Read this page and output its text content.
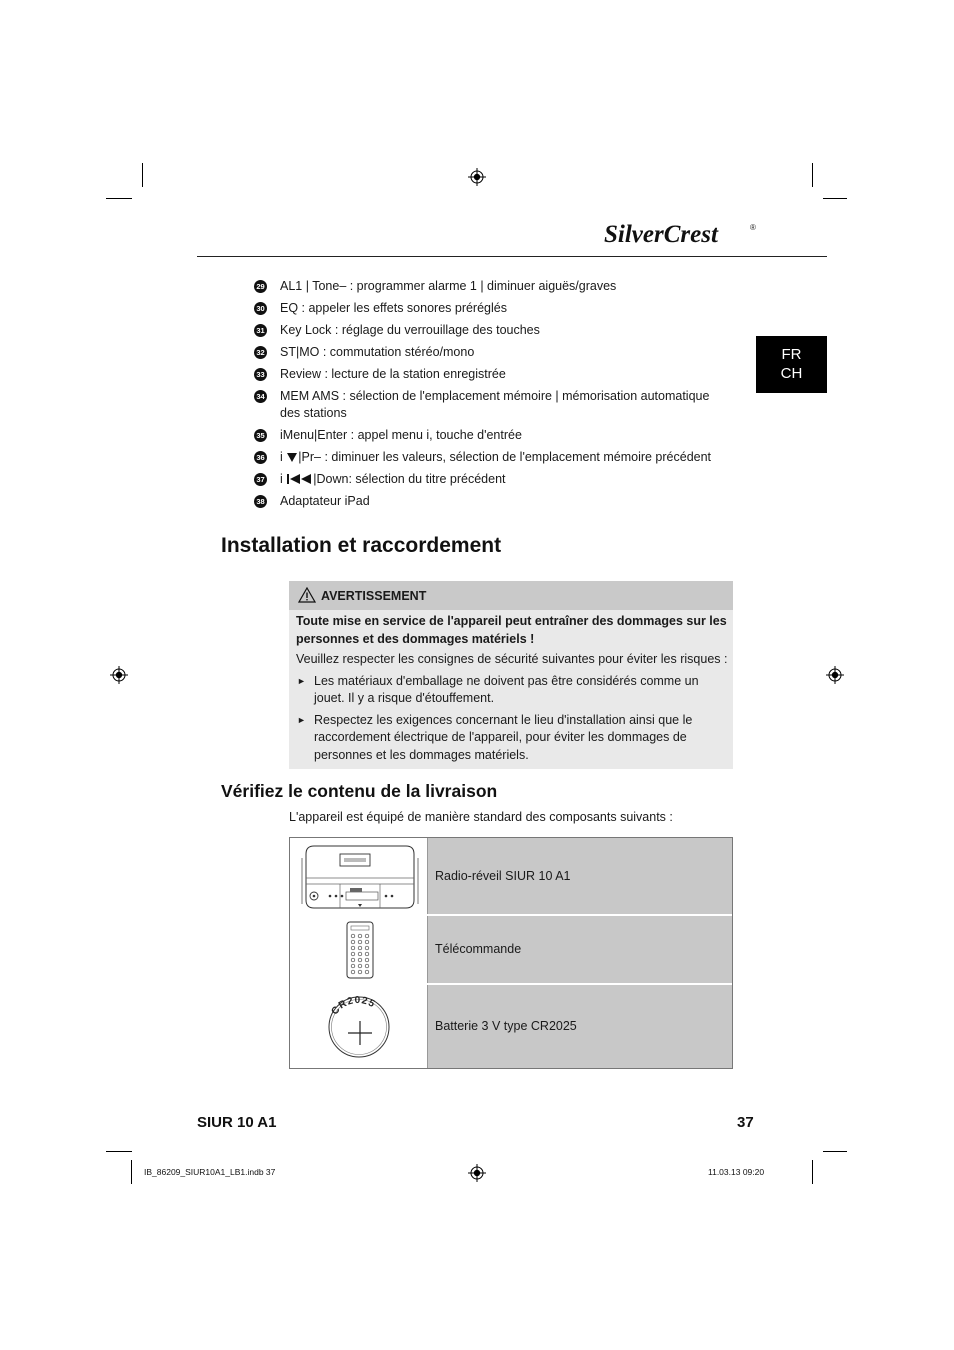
SilverCrest	®
FR
CH
29 AL1 | Tone– : programmer alarme 1 | diminuer aiguës/graves
30 EQ : appeler les effets sonores préréglés
31 Key Lock : réglage du verrouillage des touches
32 ST|MO : commutation stéréo/mono
33 Review : lecture de la station enregistrée
34 MEM AMS : sélection de l'emplacement mémoire | mémorisation automatique des stations
35 iMenu|Enter : appel menu i, touche d'entrée
36 i |Pr– : diminuer les valeurs, sélection de l'emplacement mémoire précédent
37 i |Down: sélection du titre précédent
38 Adaptateur iPad
Installation et raccordement
AVERTISSEMENT
Toute mise en service de l'appareil peut entraîner des dommages sur les personnes et des dommages matériels !
Veuillez respecter les consignes de sécurité suivantes pour éviter les risques :
► Les matériaux d'emballage ne doivent pas être considérés comme un jouet. Il y a risque d'étouffement.
► Respectez les exigences concernant le lieu d'installation ainsi que le raccordement électrique de l'appareil, pour éviter les dommages de personnes et les dommages matériels.
Vérifiez le contenu de la livraison
L'appareil est équipé de manière standard des composants suivants :
Radio-réveil SIUR 10 A1
Télécommande
CR2025
Batterie 3 V type CR2025
SIUR 10 A1	37
IB_86209_SIUR10A1_LB1.indb 37	11.03.13 09:20
